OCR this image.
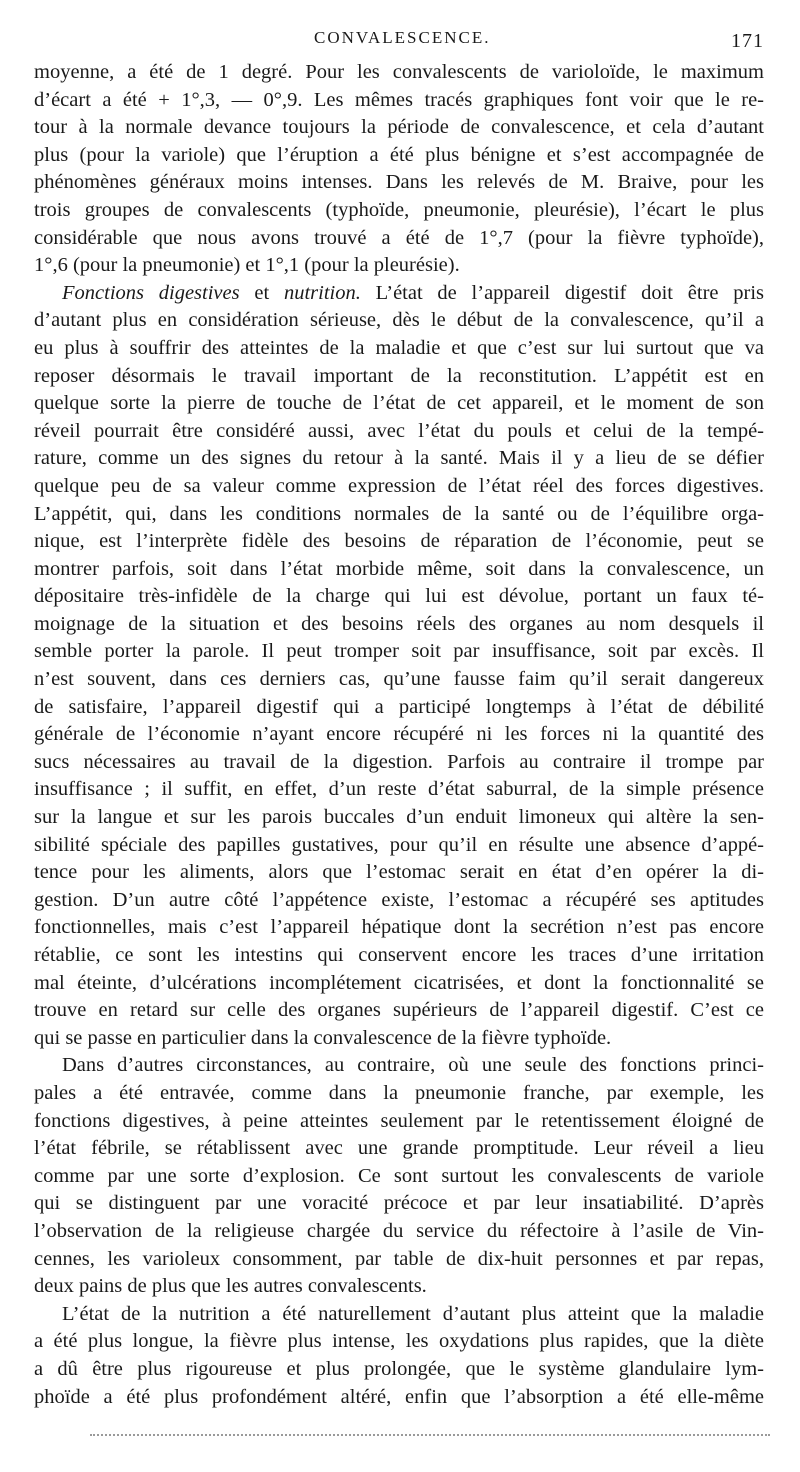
CONVALESCENCE.	171
moyenne, a été de 1 degré. Pour les convalescents de varioloïde, le maximum
d’écart a été + 1°,3, — 0°,9. Les mêmes tracés graphiques font voir que le re-
tour à la normale devance toujours la période de convalescence, et cela d’autant
plus (pour la variole) que l’éruption a été plus bénigne et s’est accompagnée de
phénomènes généraux moins intenses. Dans les relevés de M. Braive, pour les
trois groupes de convalescents (typhoïde, pneumonie, pleurésie), l’écart le plus
considérable que nous avons trouvé a été de 1°,7 (pour la fièvre typhoïde),
1°,6 (pour la pneumonie) et 1°,1 (pour la pleurésie).
Fonctions digestives et nutrition. L’état de l’appareil digestif doit être pris
d’autant plus en considération sérieuse, dès le début de la convalescence, qu’il a
eu plus à souffrir des atteintes de la maladie et que c’est sur lui surtout que va
reposer désormais le travail important de la reconstitution. L’appétit est en
quelque sorte la pierre de touche de l’état de cet appareil, et le moment de son
réveil pourrait être considéré aussi, avec l’état du pouls et celui de la tempé-
rature, comme un des signes du retour à la santé. Mais il y a lieu de se défier
quelque peu de sa valeur comme expression de l’état réel des forces digestives.
L’appétit, qui, dans les conditions normales de la santé ou de l’équilibre orga-
nique, est l’interprète fidèle des besoins de réparation de l’économie, peut se
montrer parfois, soit dans l’état morbide même, soit dans la convalescence, un
dépositaire très-infidèle de la charge qui lui est dévolue, portant un faux té-
moignage de la situation et des besoins réels des organes au nom desquels il
semble porter la parole. Il peut tromper soit par insuffisance, soit par excès. Il
n’est souvent, dans ces derniers cas, qu’une fausse faim qu’il serait dangereux
de satisfaire, l’appareil digestif qui a participé longtemps à l’état de débilité
générale de l’économie n’ayant encore récupéré ni les forces ni la quantité des
sucs nécessaires au travail de la digestion. Parfois au contraire il trompe par
insuffisance ; il suffit, en effet, d’un reste d’état saburral, de la simple présence
sur la langue et sur les parois buccales d’un enduit limoneux qui altère la sen-
sibilité spéciale des papilles gustatives, pour qu’il en résulte une absence d’appé-
tence pour les aliments, alors que l’estomac serait en état d’en opérer la di-
gestion. D’un autre côté l’appétence existe, l’estomac a récupéré ses aptitudes
fonctionnelles, mais c’est l’appareil hépatique dont la secrétion n’est pas encore
rétablie, ce sont les intestins qui conservent encore les traces d’une irritation
mal éteinte, d’ulcérations incomplétement cicatrisées, et dont la fonctionnalité se
trouve en retard sur celle des organes supérieurs de l’appareil digestif. C’est ce
qui se passe en particulier dans la convalescence de la fièvre typhoïde.
Dans d’autres circonstances, au contraire, où une seule des fonctions princi-
pales a été entravée, comme dans la pneumonie franche, par exemple, les
fonctions digestives, à peine atteintes seulement par le retentissement éloigné de
l’état fébrile, se rétablissent avec une grande promptitude. Leur réveil a lieu
comme par une sorte d’explosion. Ce sont surtout les convalescents de variole
qui se distinguent par une voracité précoce et par leur insatiabilité. D’après
l’observation de la religieuse chargée du service du réfectoire à l’asile de Vin-
cennes, les varioleux consomment, par table de dix-huit personnes et par repas,
deux pains de plus que les autres convalescents.
L’état de la nutrition a été naturellement d’autant plus atteint que la maladie
a été plus longue, la fièvre plus intense, les oxydations plus rapides, que la diète
a dû être plus rigoureuse et plus prolongée, que le système glandulaire lym-
phoïde a été plus profondément altéré, enfin que l’absorption a été elle-même
